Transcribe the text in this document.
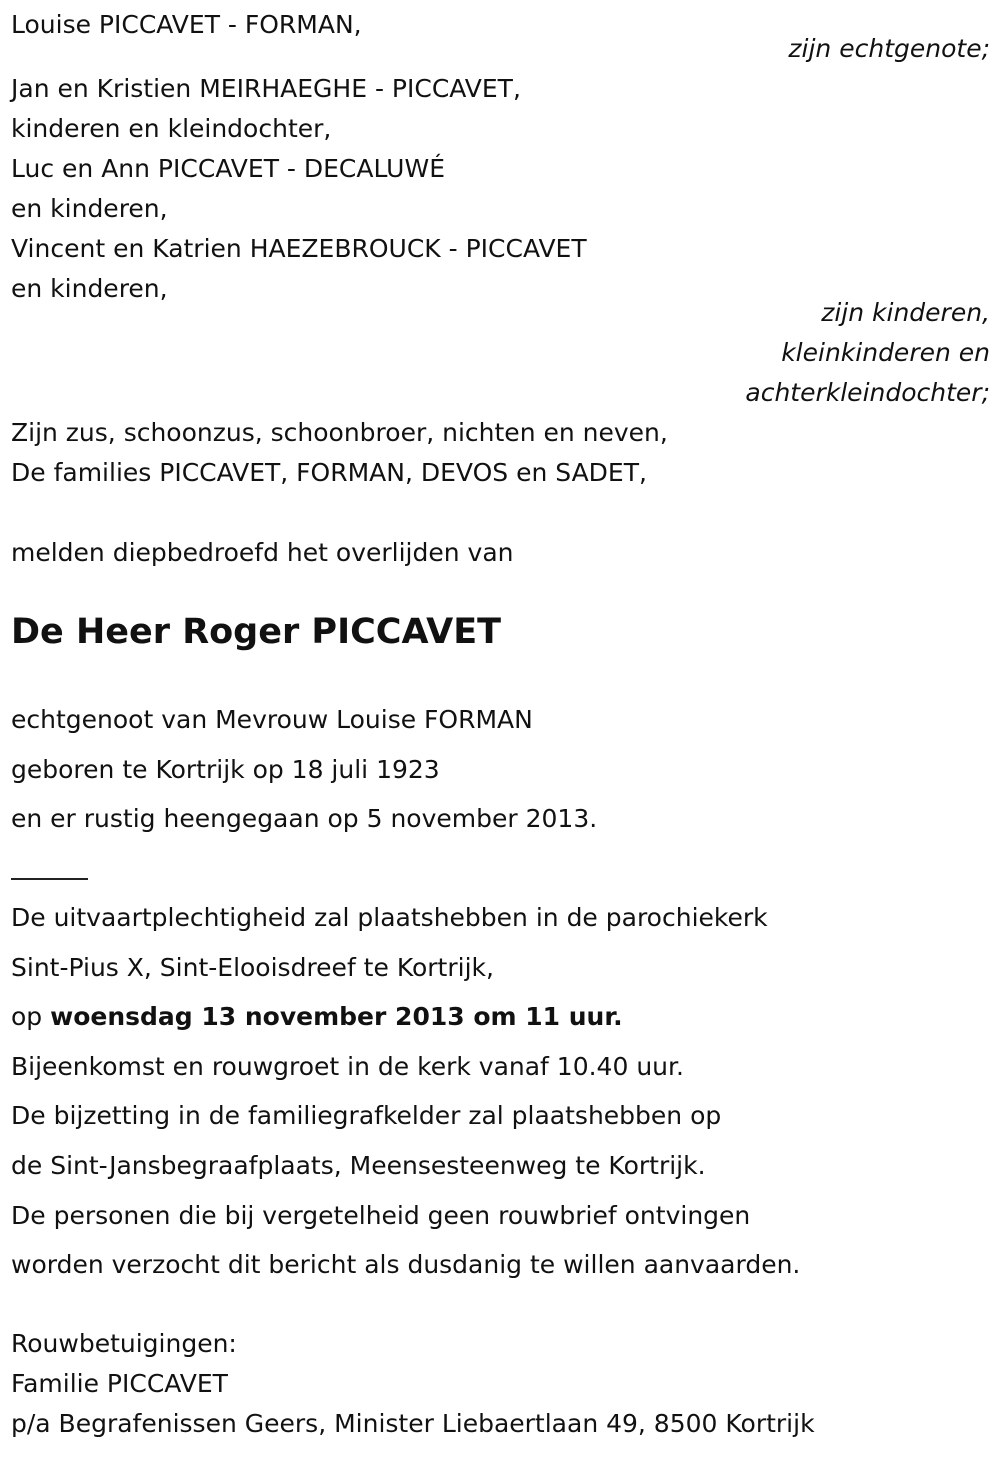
Louise PICCAVET - FORMAN,
zijn echtgenote;
Jan en Kristien MEIRHAEGHE - PICCAVET,
kinderen en kleindochter,
Luc en Ann PICCAVET - DECALUWÉ
en kinderen,
Vincent en Katrien HAEZEBROUCK - PICCAVET
en kinderen,
zijn kinderen,
kleinkinderen en
achterkleindochter;
Zijn zus, schoonzus, schoonbroer, nichten en neven,
De families PICCAVET, FORMAN, DEVOS en SADET,
melden diepbedroefd het overlijden van
De Heer Roger PICCAVET
echtgenoot van Mevrouw Louise FORMAN
geboren te Kortrijk op 18 juli 1923
en er rustig heengegaan op 5 november 2013.
De uitvaartplechtigheid zal plaatshebben in de parochiekerk
Sint-Pius X, Sint-Elooisdreef te Kortrijk,
op woensdag 13 november 2013 om 11 uur.
Bijeenkomst en rouwgroet in de kerk vanaf 10.40 uur.
De bijzetting in de familiegrafkelder zal plaatshebben op
de Sint-Jansbegraafplaats, Meensesteenweg te Kortrijk.
De personen die bij vergetelheid geen rouwbrief ontvingen
worden verzocht dit bericht als dusdanig te willen aanvaarden.
Rouwbetuigingen:
Familie PICCAVET
p/a Begrafenissen Geers, Minister Liebaertlaan 49, 8500 Kortrijk
